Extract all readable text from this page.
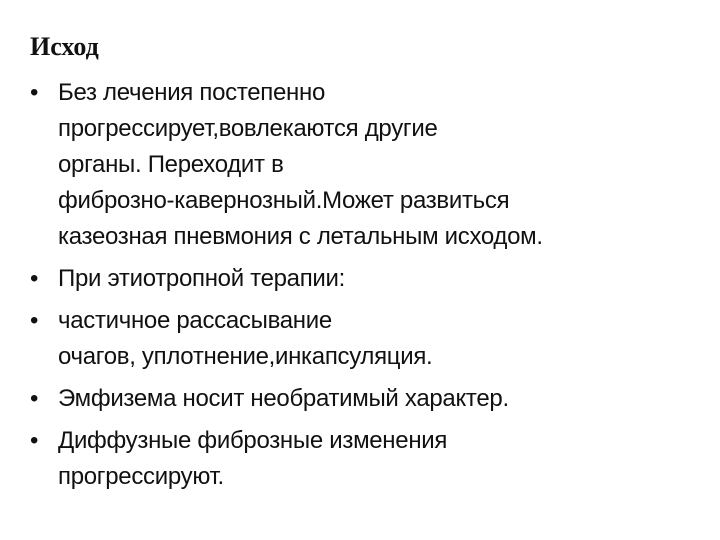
Исход
• Без лечения постепенно
прогрессирует,вовлекаются другие
органы. Переходит в
фиброзно-кавернозный.Может развиться
казеозная пневмония с летальным исходом.
• При этиотропной терапии:
• частичное рассасывание
очагов, уплотнение,инкапсуляция.
• Эмфизема носит необратимый характер.
• Диффузные фиброзные изменения
прогрессируют.
